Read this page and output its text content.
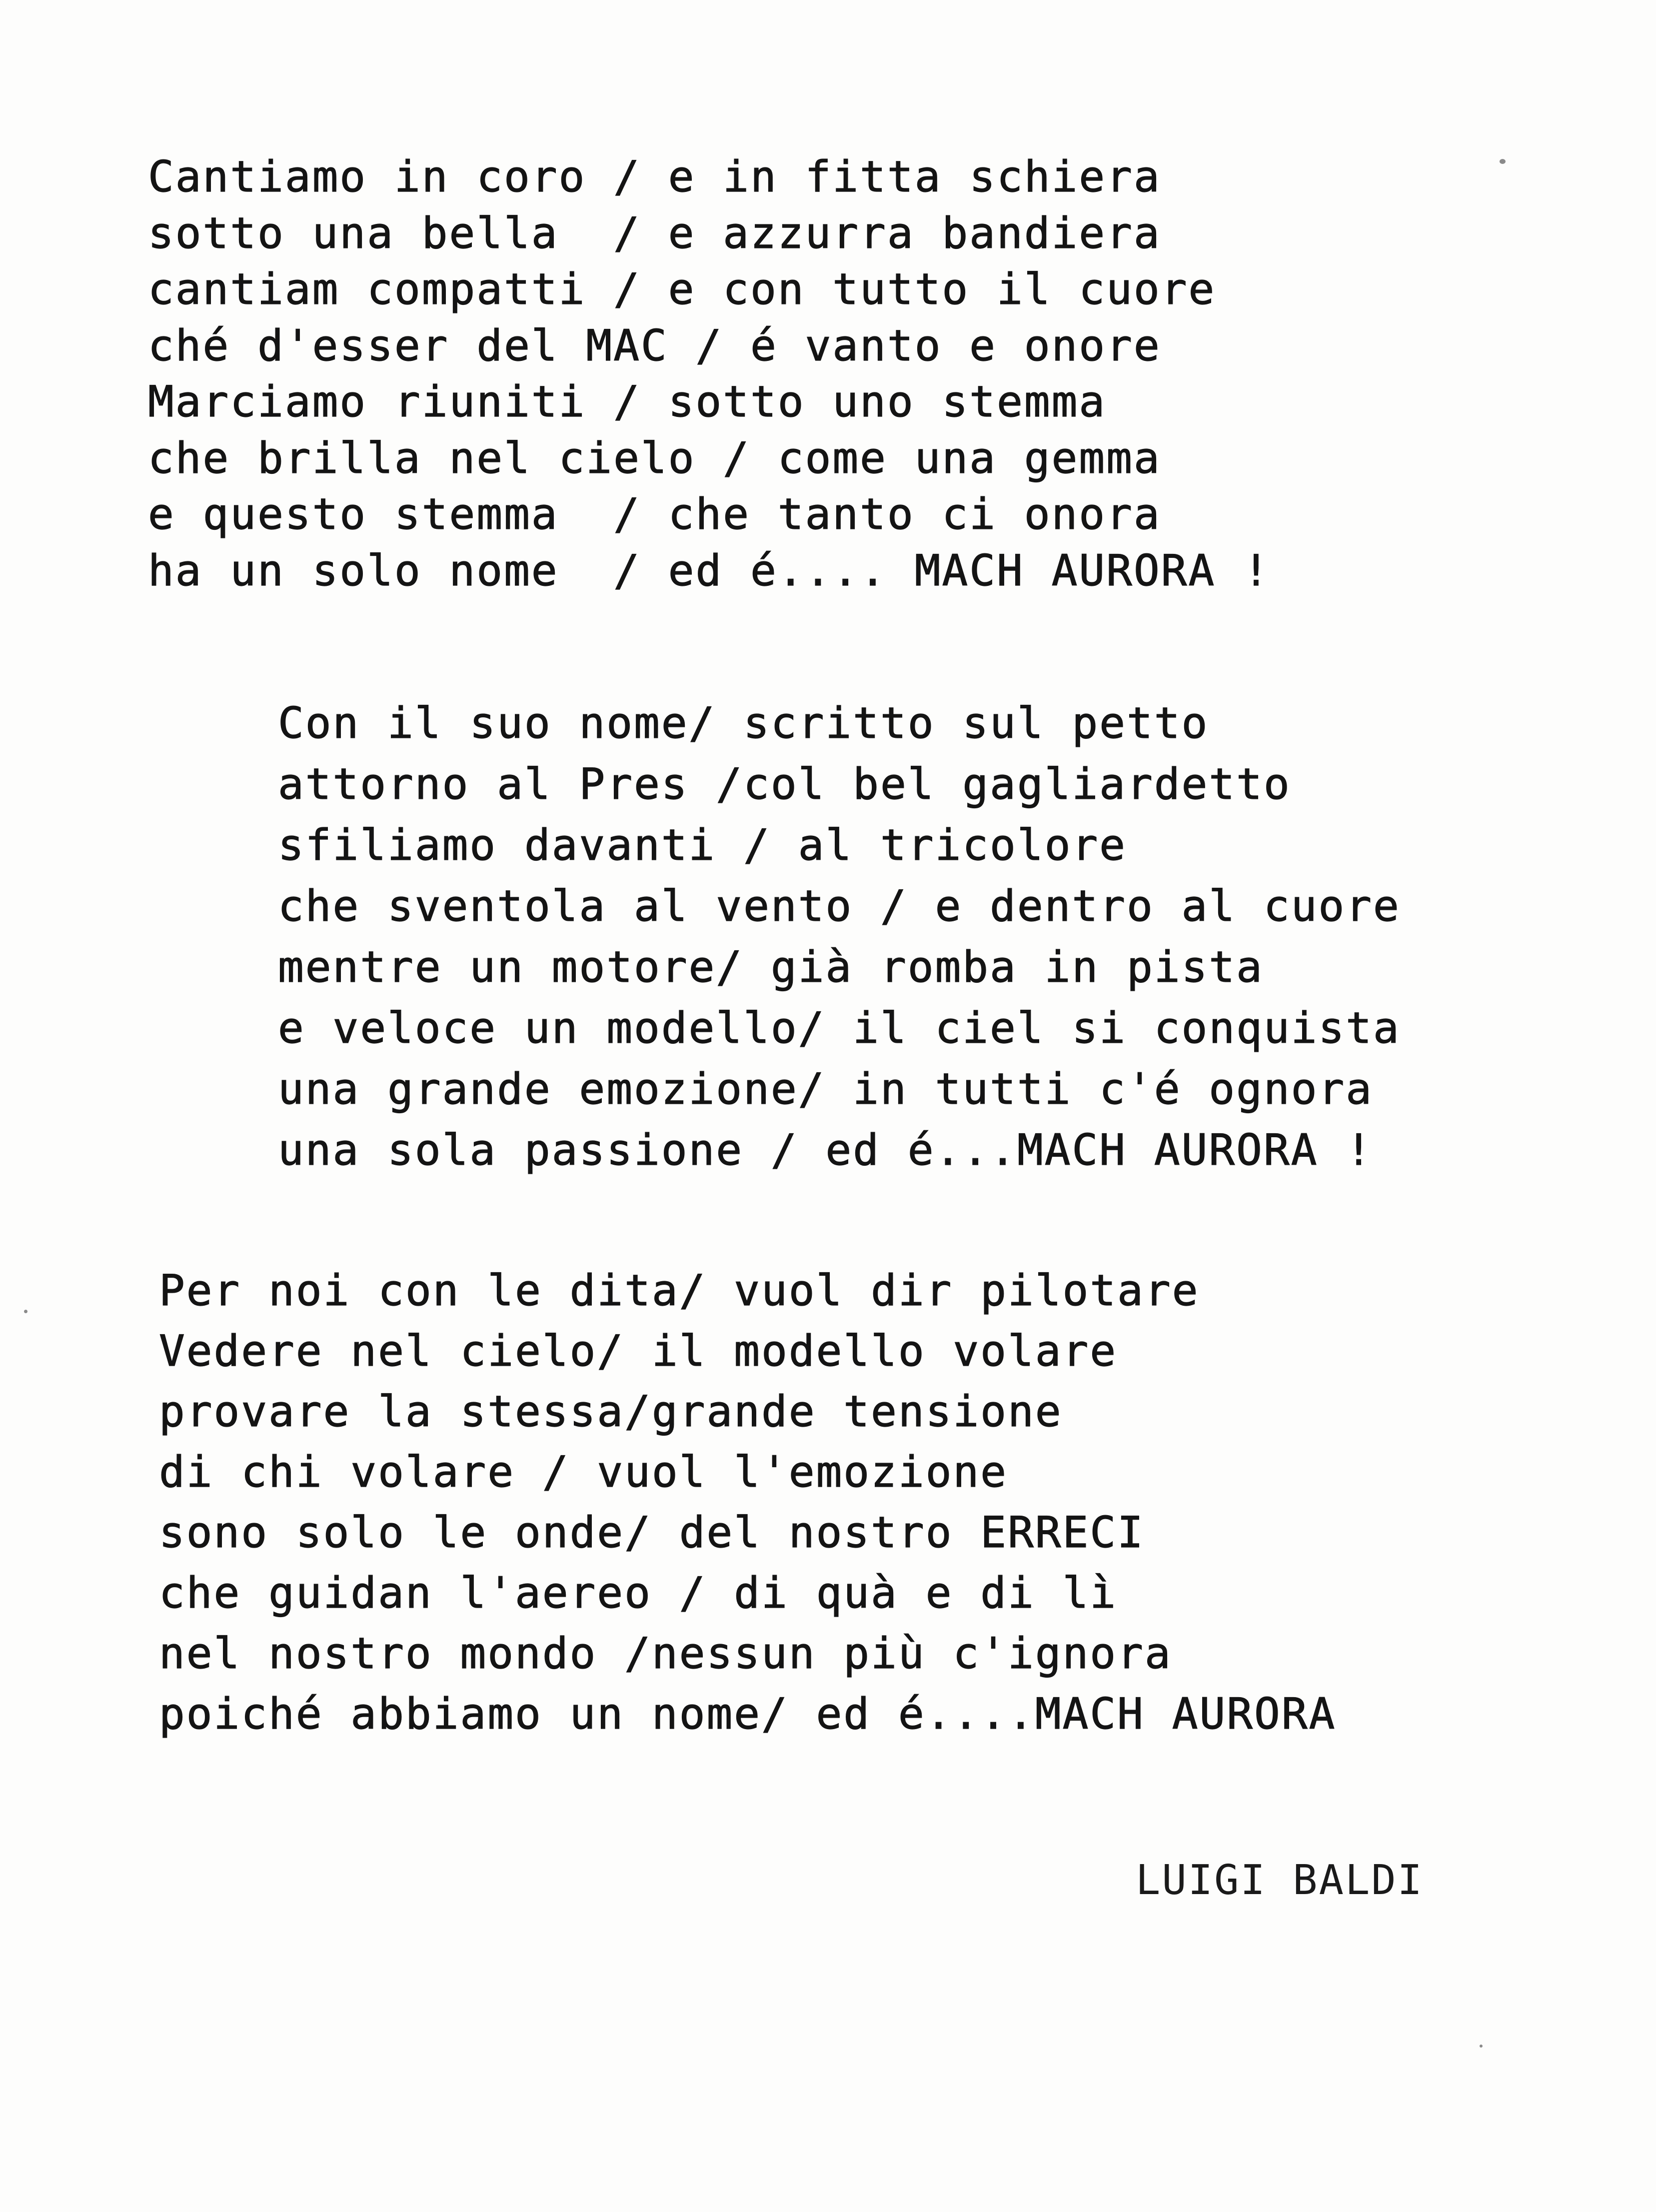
Cantiamo in coro / e in fitta schiera
sotto una bella  / e azzurra bandiera
cantiam compatti / e con tutto il cuore
ché d'esser del MAC / é vanto e onore
Marciamo riuniti / sotto uno stemma
che brilla nel cielo / come una gemma
e questo stemma  / che tanto ci onora
ha un solo nome  / ed é.... MACH AURORA !
Con il suo nome/ scritto sul petto
attorno al Pres /col bel gagliardetto
sfiliamo davanti / al tricolore
che sventola al vento / e dentro al cuore
mentre un motore/ già romba in pista
e veloce un modello/ il ciel si conquista
una grande emozione/ in tutti c'é ognora
una sola passione / ed é...MACH AURORA !
Per noi con le dita/ vuol dir pilotare
Vedere nel cielo/ il modello volare
provare la stessa/grande tensione
di chi volare / vuol l'emozione
sono solo le onde/ del nostro ERRECI
che guidan l'aereo / di quà e di lì
nel nostro mondo /nessun più c'ignora
poiché abbiamo un nome/ ed é....MACH AURORA
LUIGI BALDI
